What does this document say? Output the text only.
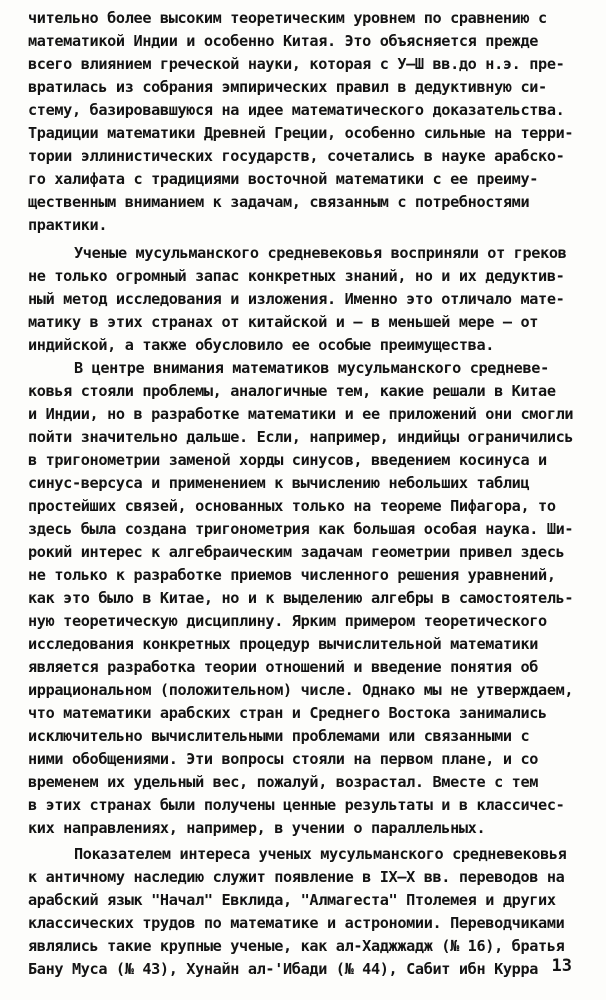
чительно более высоким теоретическим уровнем по сравнению с
математикой Индии и особенно Китая. Это объясняется прежде
всего влиянием греческой науки, которая с У–Ш вв.до н.э. пре-
вратилась из собрания эмпирических правил в дедуктивную си-
стему, базировавшуюся на идее математического доказательства.
Традиции математики Древней Греции, особенно сильные на терри-
тории эллинистических государств, сочетались в науке арабско-
го халифата с традициями восточной математики с ее преиму-
щественным вниманием к задачам, связанным с потребностями
практики.
Ученые мусульманского средневековья восприняли от греков
не только огромный запас конкретных знаний, но и их дедуктив-
ный метод исследования и изложения. Именно это отличало мате-
матику в этих странах от китайской и – в меньшей мере – от
индийской, а также обусловило ее особые преимущества.
В центре внимания математиков мусульманского средневе-
ковья стояли проблемы, аналогичные тем, какие решали в Китае
и Индии, но в разработке математики и ее приложений они смогли
пойти значительно дальше. Если, например, индийцы ограничились
в тригонометрии заменой хорды синусов, введением косинуса и
синус-версуса и применением к вычислению небольших таблиц
простейших связей, основанных только на теореме Пифагора, то
здесь была создана тригонометрия как большая особая наука. Ши-
рокий интерес к алгебраическим задачам геометрии привел здесь
не только к разработке приемов численного решения уравнений,
как это было в Китае, но и к выделению алгебры в самостоятель-
ную теоретическую дисциплину. Ярким примером теоретического
исследования конкретных процедур вычислительной математики
является разработка теории отношений и введение понятия об
иррациональном (положительном) числе. Однако мы не утверждаем,
что математики арабских стран и Среднего Востока занимались
исключительно вычислительными проблемами или связанными с
ними обобщениями. Эти вопросы стояли на первом плане, и со
временем их удельный вес, пожалуй, возрастал. Вместе с тем
в этих странах были получены ценные результаты и в классичес-
ких направлениях, например, в учении о параллельных.
Показателем интереса ученых мусульманского средневековья
к античному наследию служит появление в IX–X вв. переводов на
арабский язык "Начал" Евклида, "Алмагеста" Птолемея и других
классических трудов по математике и астрономии. Переводчиками
являлись такие крупные ученые, как ал-Хаджжадж (№ 16), братья
Бану Муса (№ 43), Хунайн ал-'Ибади (№ 44), Сабит ибн Курра 13
